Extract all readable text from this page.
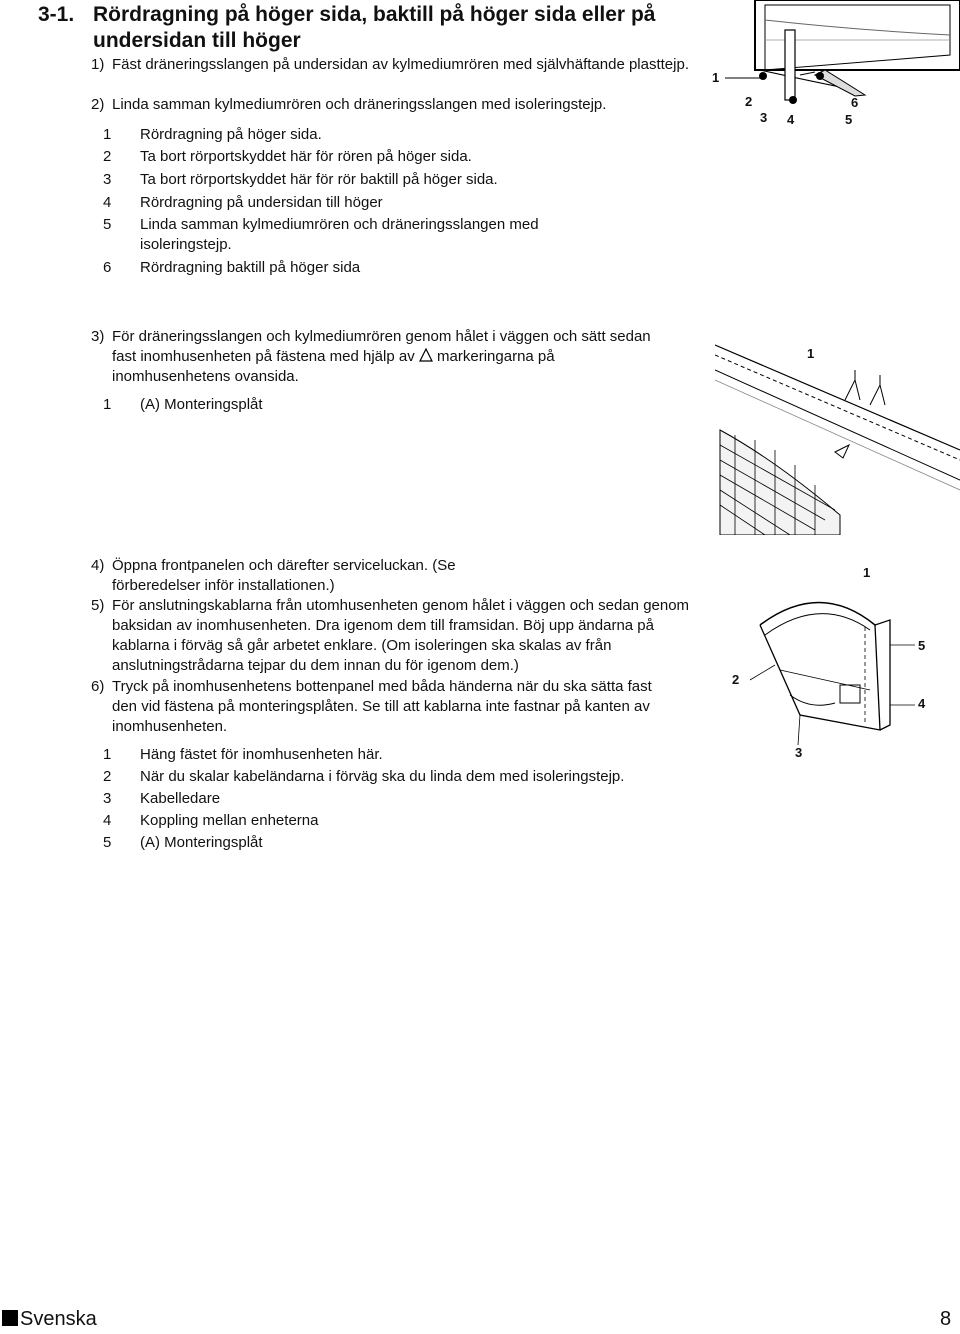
3-1. Rördragning på höger sida, baktill på höger sida eller på undersidan till höger
1) Fäst dräneringsslangen på undersidan av kylmediumrören med självhäftande plasttejp.
2) Linda samman kylmediumrören och dräneringsslangen med isoleringstejp.
1 Rördragning på höger sida.
2 Ta bort rörportskyddet här för rören på höger sida.
3 Ta bort rörportskyddet här för rör baktill på höger sida.
4 Rördragning på undersidan till höger
5 Linda samman kylmediumrören och dräneringsslangen med isoleringstejp.
6 Rördragning baktill på höger sida
1
2
3 4	5
6
3) För dräneringsslangen och kylmediumrören genom hålet i väggen och sätt sedan fast inomhusenheten på fästena med hjälp av markeringarna på inomhusenhetens ovansida.
1 (A) Monteringsplåt
1
4) Öppna frontpanelen och därefter serviceluckan. (Se förberedelser inför installationen.)
5) För anslutningskablarna från utomhusenheten genom hålet i väggen och sedan genom baksidan av inomhusenheten. Dra igenom dem till framsidan. Böj upp ändarna på kablarna i förväg så går arbetet enklare. (Om isoleringen ska skalas av från anslutningstrådarna tejpar du dem innan du för igenom dem.)
6) Tryck på inomhusenhetens bottenpanel med båda händerna när du ska sätta fast den vid fästena på monteringsplåten. Se till att kablarna inte fastnar på kanten av inomhusenheten.
1 Häng fästet för inomhusenheten här.
2 När du skalar kabeländarna i förväg ska du linda dem med isoleringstejp.
3 Kabelledare
4 Koppling mellan enheterna
5 (A) Monteringsplåt
1
2
3
4
5
Svenska	8
